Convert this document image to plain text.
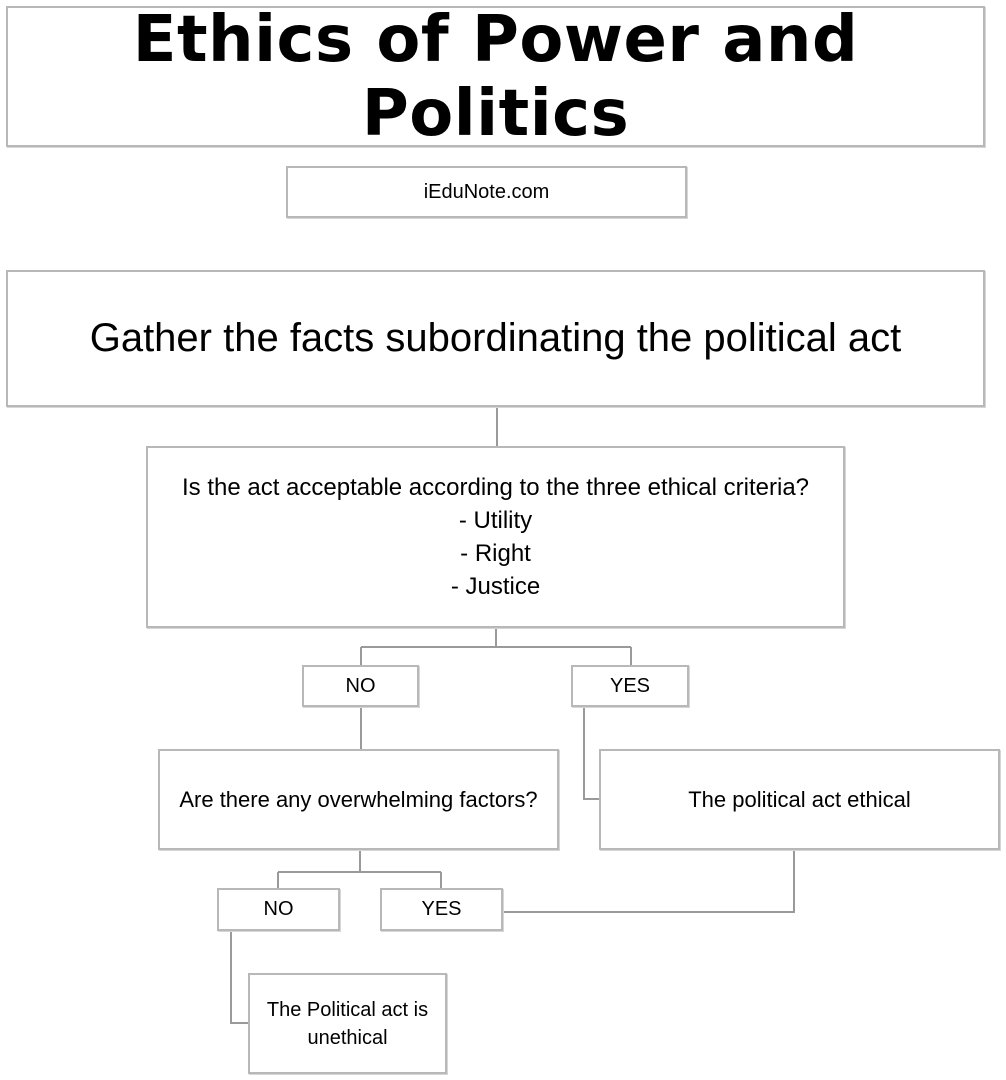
Ethics of Power and Politics
iEduNote.com
Gather the facts subordinating the political act
Is the act acceptable according to the three ethical criteria?
- Utility
- Right
- Justice
NO	YES
Are there any overwhelming factors?	The political act ethical
NO	YES
The Political act is unethical
